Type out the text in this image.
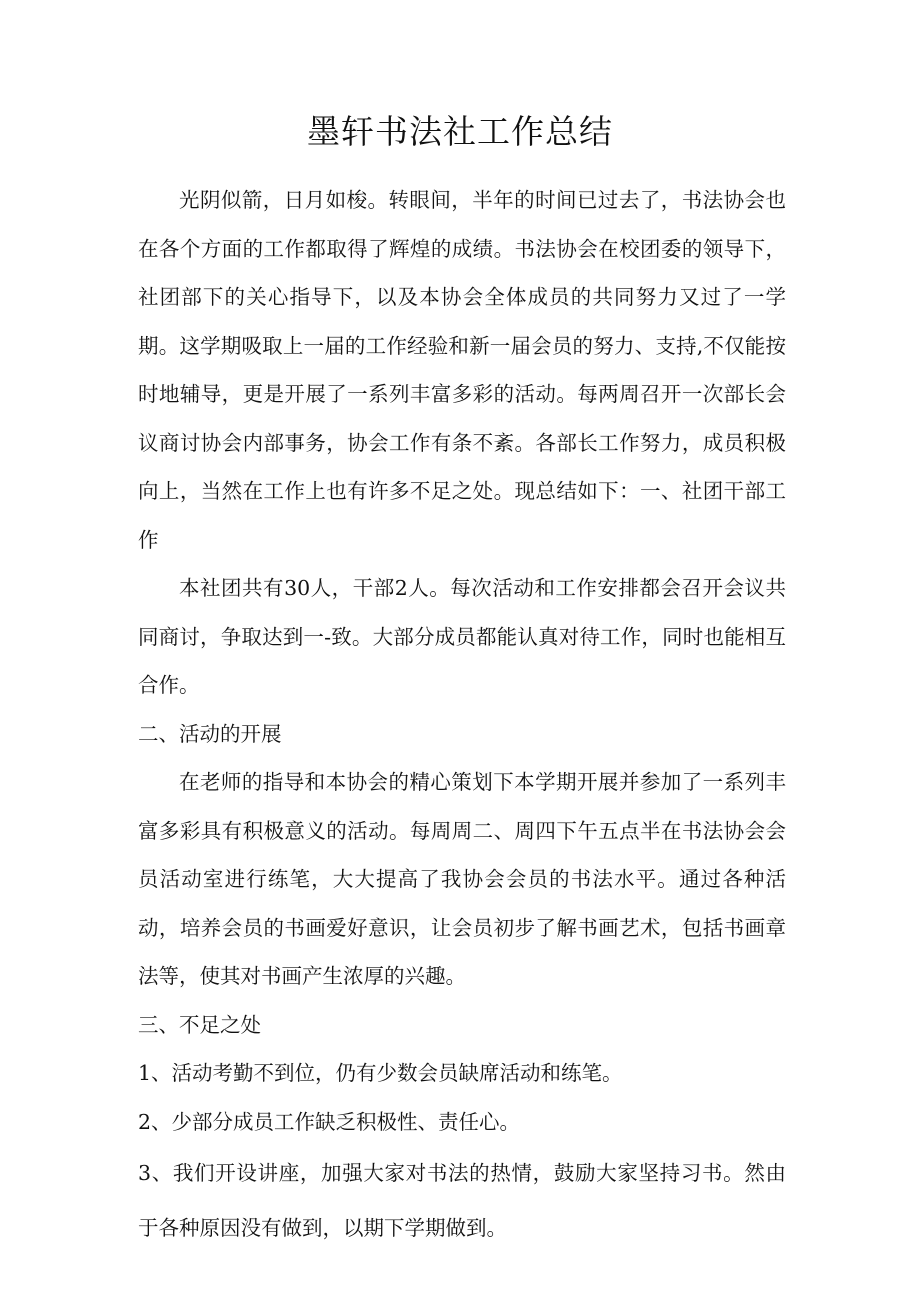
墨轩书法社工作总结

光阴似箭，日月如梭。转眼间，半年的时间已过去了，书法协会也在各个方面的工作都取得了辉煌的成绩。书法协会在校团委的领导下，社团部下的关心指导下，以及本协会全体成员的共同努力又过了一学期。这学期吸取上一届的工作经验和新一届会员的努力、支持,不仅能按时地辅导，更是开展了一系列丰富多彩的活动。每两周召开一次部长会议商讨协会内部事务，协会工作有条不紊。各部长工作努力，成员积极向上，当然在工作上也有许多不足之处。现总结如下：一、社团干部工作

本社团共有30人，干部2人。每次活动和工作安排都会召开会议共同商讨，争取达到一-致。大部分成员都能认真对待工作，同时也能相互合作。

二、活动的开展

在老师的指导和本协会的精心策划下本学期开展并参加了一系列丰富多彩具有积极意义的活动。每周周二、周四下午五点半在书法协会会员活动室进行练笔，大大提高了我协会会员的书法水平。通过各种活动，培养会员的书画爱好意识，让会员初步了解书画艺术，包括书画章法等，使其对书画产生浓厚的兴趣。

三、不足之处

1、活动考勤不到位，仍有少数会员缺席活动和练笔。

2、少部分成员工作缺乏积极性、责任心。

3、我们开设讲座，加强大家对书法的热情，鼓励大家坚持习书。然由于各种原因没有做到，以期下学期做到。
